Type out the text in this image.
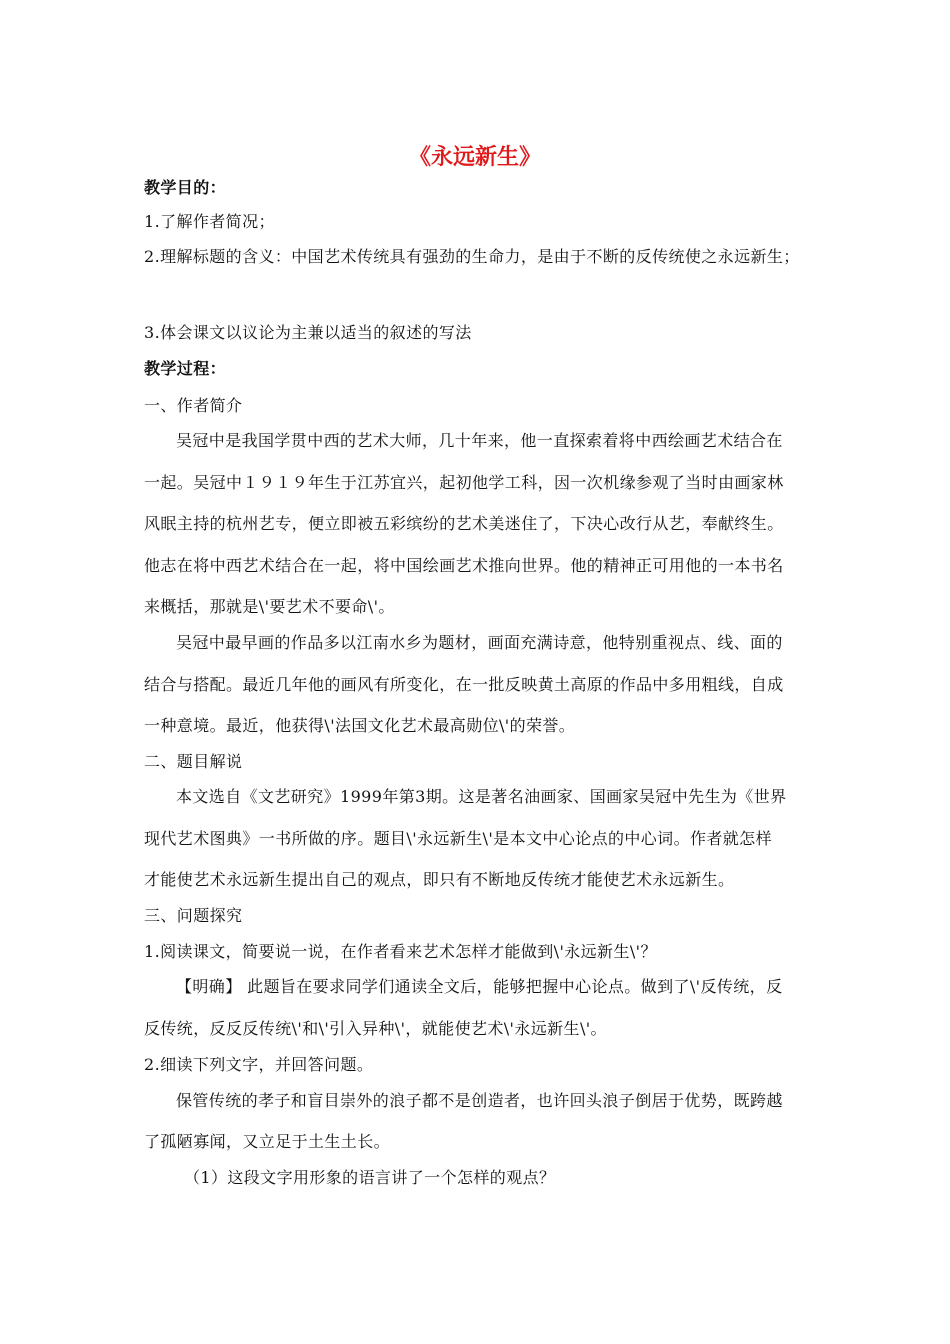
《永远新生》
教学目的：
1.了解作者简况；
2.理解标题的含义：中国艺术传统具有强劲的生命力，是由于不断的反传统使之永远新生；
3.体会课文以议论为主兼以适当的叙述的写法
教学过程：
一、作者简介
吴冠中是我国学贯中西的艺术大师，几十年来，他一直探索着将中西绘画艺术结合在
一起。吴冠中１９１９年生于江苏宜兴，起初他学工科，因一次机缘参观了当时由画家林
风眠主持的杭州艺专，便立即被五彩缤纷的艺术美迷住了，下决心改行从艺，奉献终生。
他志在将中西艺术结合在一起，将中国绘画艺术推向世界。他的精神正可用他的一本书名
来概括，那就是\'要艺术不要命\'。
吴冠中最早画的作品多以江南水乡为题材，画面充满诗意，他特别重视点、线、面的
结合与搭配。最近几年他的画风有所变化，在一批反映黄土高原的作品中多用粗线，自成
一种意境。最近，他获得\'法国文化艺术最高勋位\'的荣誉。
二、题目解说
本文选自《文艺研究》1999年第3期。这是著名油画家、国画家吴冠中先生为《世界
现代艺术图典》一书所做的序。题目\'永远新生\'是本文中心论点的中心词。作者就怎样
才能使艺术永远新生提出自己的观点，即只有不断地反传统才能使艺术永远新生。
三、问题探究
1.阅读课文，简要说一说，在作者看来艺术怎样才能做到\'永远新生\'？
【明确】 此题旨在要求同学们通读全文后，能够把握中心论点。做到了\'反传统，反
反传统，反反反传统\'和\'引入异种\'，就能使艺术\'永远新生\'。
2.细读下列文字，并回答问题。
保管传统的孝子和盲目崇外的浪子都不是创造者，也许回头浪子倒居于优势，既跨越
了孤陋寡闻，又立足于土生土长。
（1）这段文字用形象的语言讲了一个怎样的观点？
